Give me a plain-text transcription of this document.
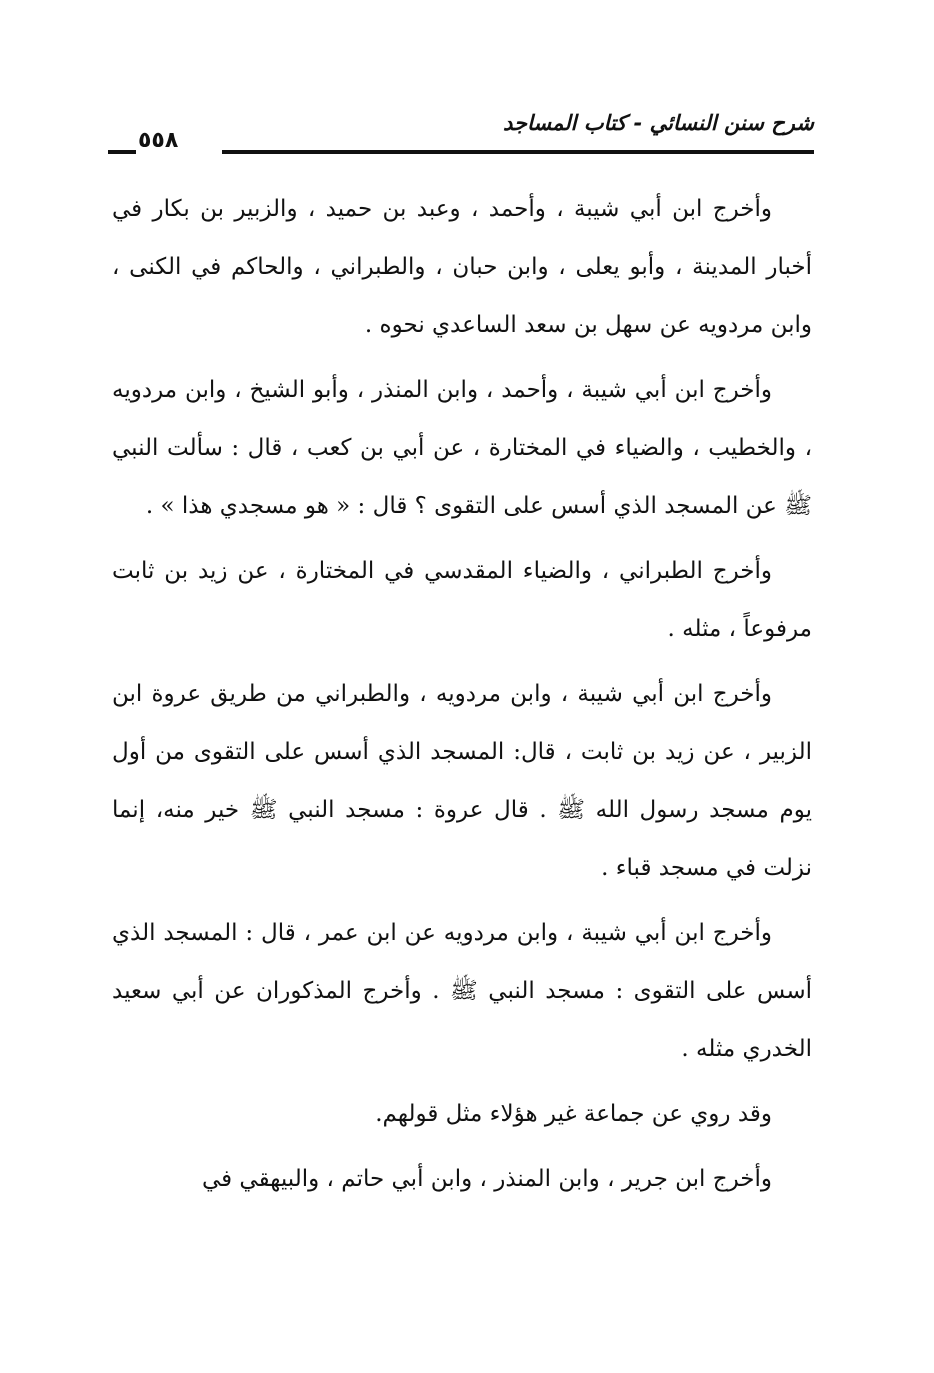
شرح سنن النسائي - كتاب المساجد
٥٥٨

وأخرج ابن أبي شيبة ، وأحمد ، وعبد بن حميد ، والزبير بن بكار في أخبار المدينة ، وأبو يعلى ، وابن حبان ، والطبراني ، والحاكم في الكنى ، وابن مردويه عن سهل بن سعد الساعدي نحوه .

وأخرج ابن أبي شيبة ، وأحمد ، وابن المنذر ، وأبو الشيخ ، وابن مردويه ، والخطيب ، والضياء في المختارة ، عن أبي بن كعب ، قال : سألت النبي ﷺ عن المسجد الذي أسس على التقوى ؟ قال : « هو مسجدي هذا » .

وأخرج الطبراني ، والضياء المقدسي في المختارة ، عن زيد بن ثابت مرفوعاً ، مثله .

وأخرج ابن أبي شيبة ، وابن مردويه ، والطبراني من طريق عروة ابن الزبير ، عن زيد بن ثابت ، قال: المسجد الذي أسس على التقوى من أول يوم مسجد رسول الله ﷺ . قال عروة : مسجد النبي ﷺ خير منه، إنما نزلت في مسجد قباء .

وأخرج ابن أبي شيبة ، وابن مردويه عن ابن عمر ، قال : المسجد الذي أسس على التقوى : مسجد النبي ﷺ . وأخرج المذكوران عن أبي سعيد الخدري مثله .

وقد روي عن جماعة غير هؤلاء مثل قولهم.

وأخرج ابن جرير ، وابن المنذر ، وابن أبي حاتم ، والبيهقي في
